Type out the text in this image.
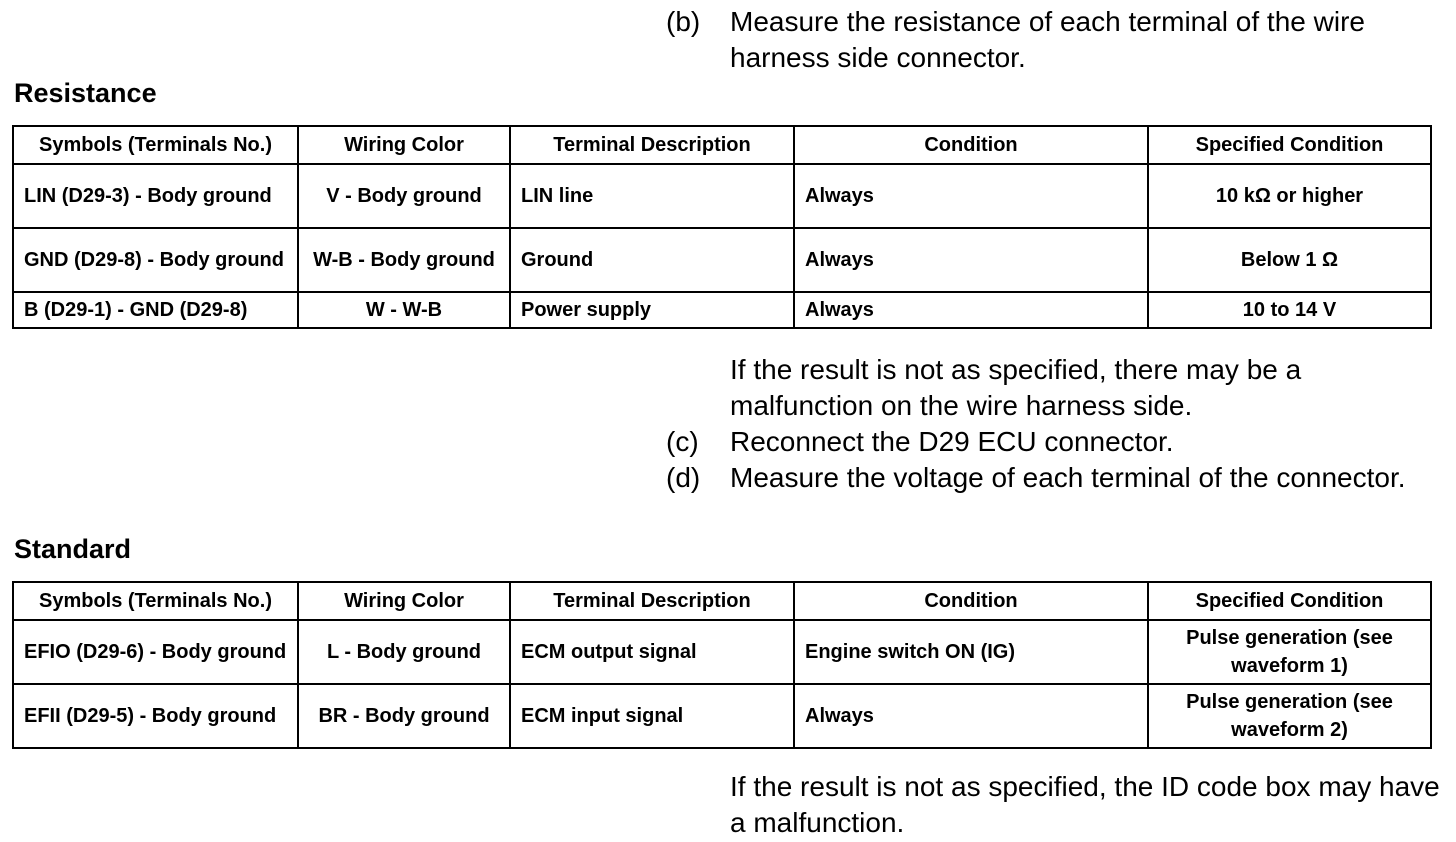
(b) Measure the resistance of each terminal of the wire harness side connector.
Resistance
Symbols (Terminals No.)	Wiring Color	Terminal Description	Condition	Specified Condition
LIN (D29-3) - Body ground	V - Body ground	LIN line	Always	10 kΩ or higher
GND (D29-8) - Body ground	W-B - Body ground	Ground	Always	Below 1 Ω
B (D29-1) - GND (D29-8)	W - W-B	Power supply	Always	10 to 14 V
If the result is not as specified, there may be a malfunction on the wire harness side.
(c) Reconnect the D29 ECU connector.
(d) Measure the voltage of each terminal of the connector.
Standard
Symbols (Terminals No.)	Wiring Color	Terminal Description	Condition	Specified Condition
EFIO (D29-6) - Body ground	L - Body ground	ECM output signal	Engine switch ON (IG)	Pulse generation (see waveform 1)
EFII (D29-5) - Body ground	BR - Body ground	ECM input signal	Always	Pulse generation (see waveform 2)
If the result is not as specified, the ID code box may have a malfunction.
